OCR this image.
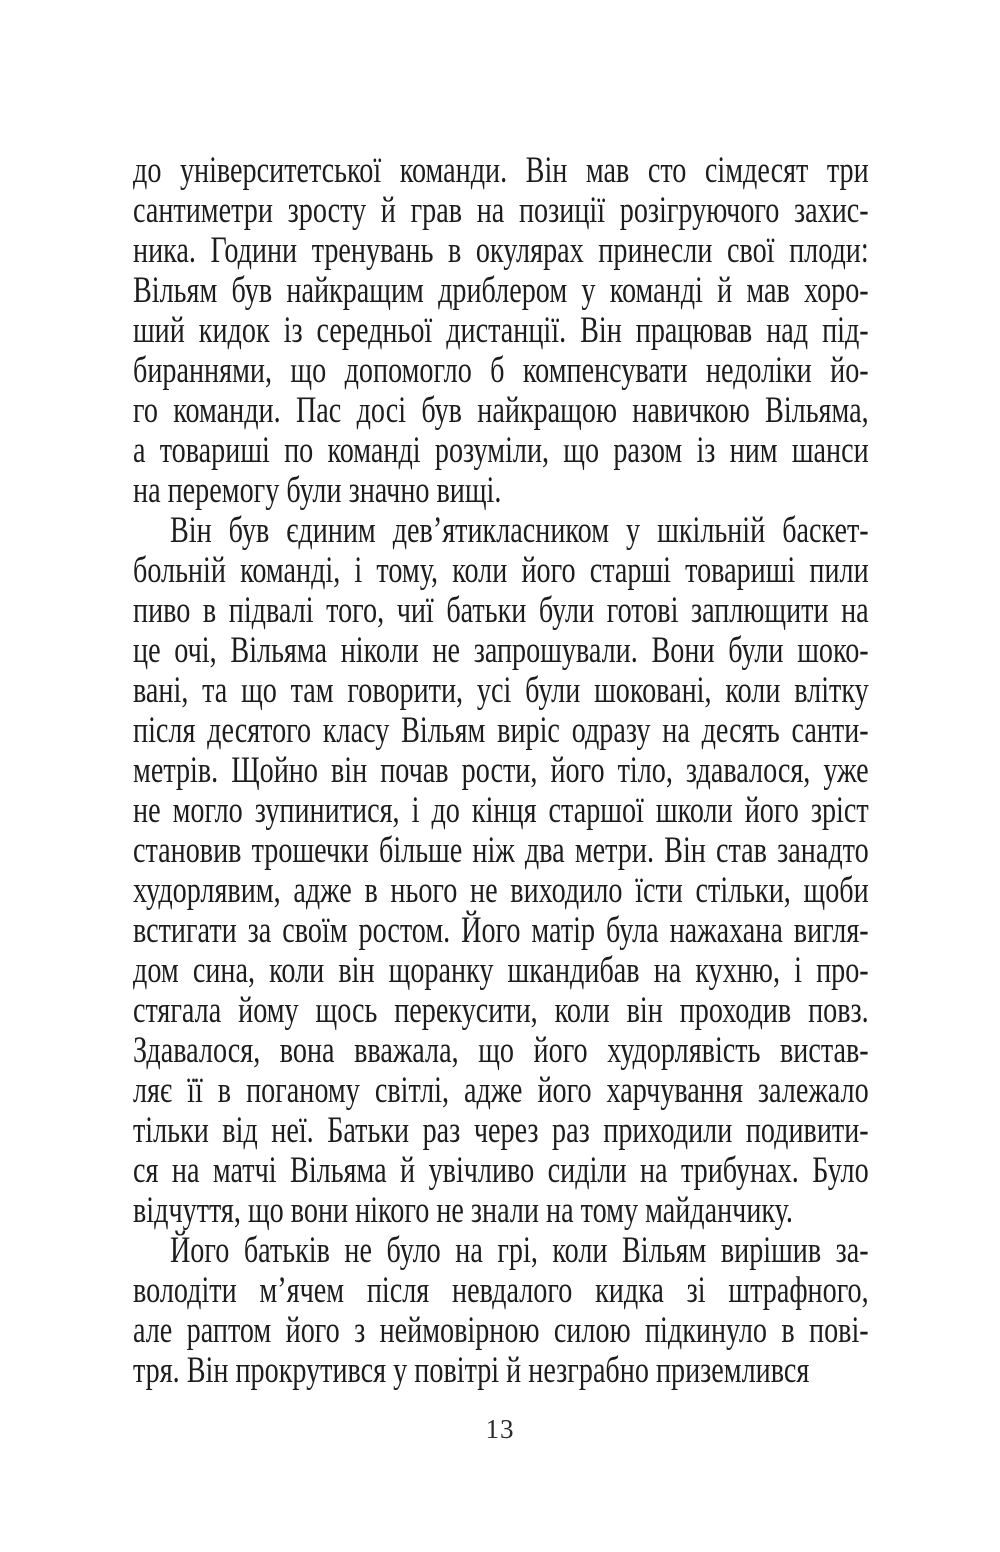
до університетської команди. Він мав сто сімдесят три
сантиметри зросту й грав на позиції розігруючого захис-
ника. Години тренувань в окулярах принесли свої плоди:
Вільям був найкращим дриблером у команді й мав хоро-
ший кидок із середньої дистанції. Він працював над під-
бираннями, що допомогло б компенсувати недоліки йо-
го команди. Пас досі був найкращою навичкою Вільяма,
а товариші по команді розуміли, що разом із ним шанси
на перемогу були значно вищі.
Він був єдиним дев’ятикласником у шкільній баскет-
больній команді, і тому, коли його старші товариші пили
пиво в підвалі того, чиї батьки були готові заплющити на
це очі, Вільяма ніколи не запрошували. Вони були шоко-
вані, та що там говорити, усі були шоковані, коли влітку
після десятого класу Вільям виріс одразу на десять санти-
метрів. Щойно він почав рости, його тіло, здавалося, уже
не могло зупинитися, і до кінця старшої школи його зріст
становив трошечки більше ніж два метри. Він став занадто
худорлявим, адже в нього не виходило їсти стільки, щоби
встигати за своїм ростом. Його матір була нажахана вигля-
дом сина, коли він щоранку шкандибав на кухню, і про-
стягала йому щось перекусити, коли він проходив повз.
Здавалося, вона вважала, що його худорлявість вистав-
ляє її в поганому світлі, адже його харчування залежало
тільки від неї. Батьки раз через раз приходили подивити-
ся на матчі Вільяма й увічливо сиділи на трибунах. Було
відчуття, що вони нікого не знали на тому майданчику.
Його батьків не було на грі, коли Вільям вирішив за-
володіти м’ячем після невдалого кидка зі штрафного,
але раптом його з неймовірною силою підкинуло в пові-
тря. Він прокрутився у повітрі й незграбно приземлився
13
